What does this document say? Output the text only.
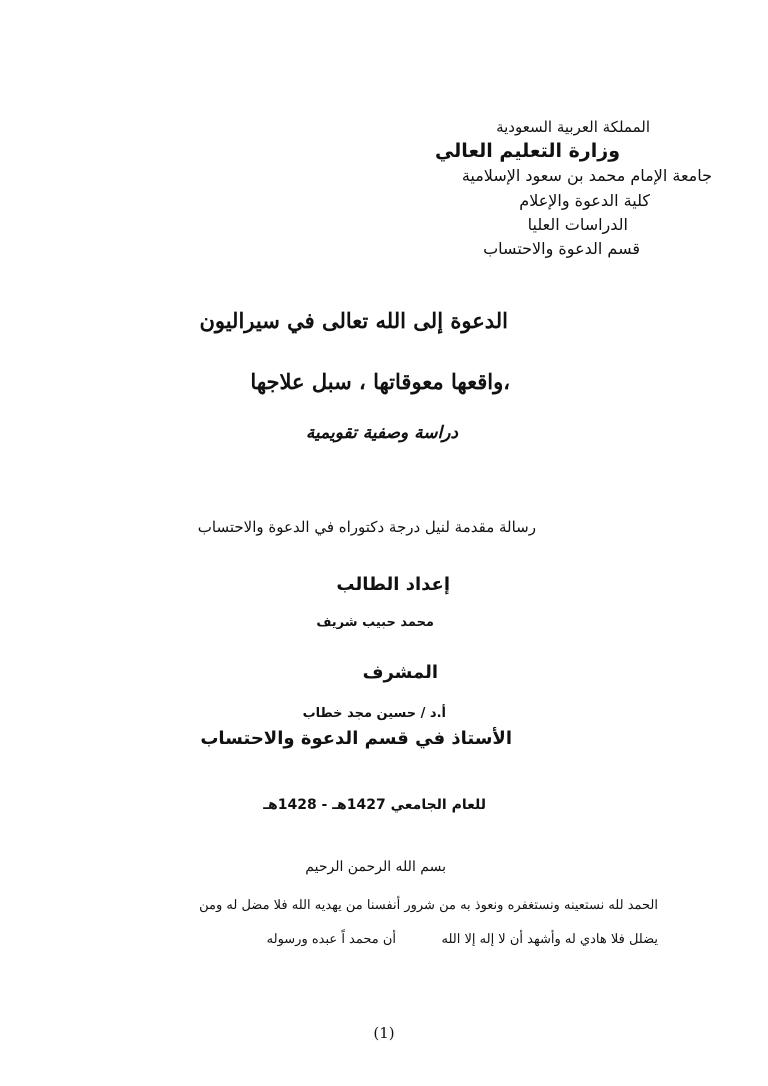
المملكة العربية السعودية
وزارة التعليم العالي
جامعة الإمام محمد بن سعود الإسلامية
كلية الدعوة والإعلام
الدراسات العليا
قسم الدعوة والاحتساب
الدعوة إلى الله تعالى في سيراليون
،واقعها معوقاتها ، سبل علاجها
دراسة وصفية تقويمية
رسالة مقدمة لنيل درجة دكتوراه في الدعوة والاحتساب
إعداد الطالب
محمد حبيب شريف
المشرف
أ.د / حسين مجد خطاب
الأستاذ في قسم الدعوة والاحتساب
للعام الجامعي 1427هـ - 1428هـ
بسم الله الرحمن الرحيم
الحمد لله نستعينه ونستغفره ونعوذ به من شرور أنفسنا من يهديه الله فلا مضل له ومن
يضلل فلا هادي له وأشهد أن لا إله إلا الله           أن محمد اً عبده ورسوله
(1)
